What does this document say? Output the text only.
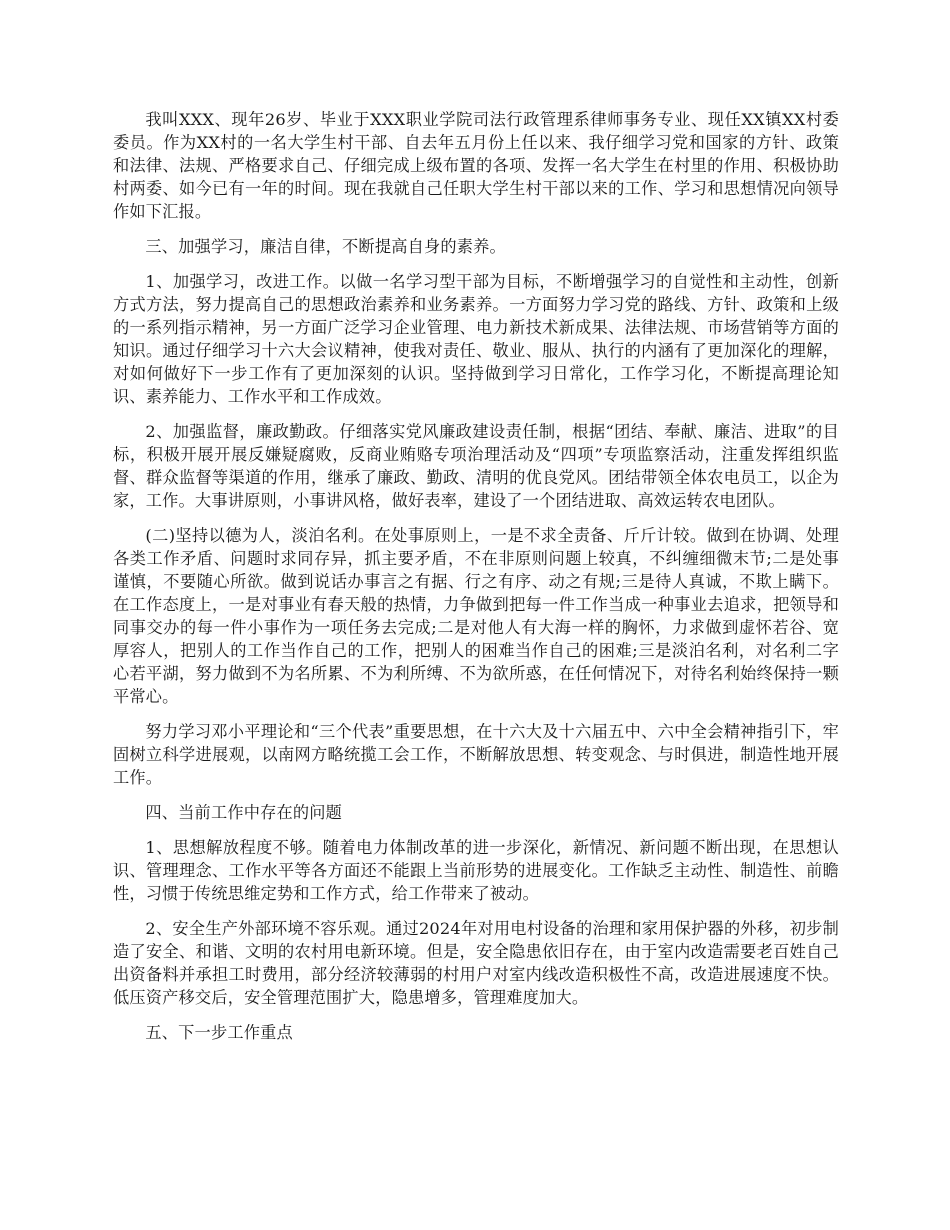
我叫XXX、现年26岁、毕业于XXX职业学院司法行政管理系律师事务专业、现任XX镇XX村委委员。作为XX村的一名大学生村干部、自去年五月份上任以来、我仔细学习党和国家的方针、政策和法律、法规、严格要求自己、仔细完成上级布置的各项、发挥一名大学生在村里的作用、积极协助村两委、如今已有一年的时间。现在我就自己任职大学生村干部以来的工作、学习和思想情况向领导作如下汇报。

三、加强学习，廉洁自律，不断提高自身的素养。

1、加强学习，改进工作。以做一名学习型干部为目标，不断增强学习的自觉性和主动性，创新方式方法，努力提高自己的思想政治素养和业务素养。一方面努力学习党的路线、方针、政策和上级的一系列指示精神，另一方面广泛学习企业管理、电力新技术新成果、法律法规、市场营销等方面的知识。通过仔细学习十六大会议精神，使我对责任、敬业、服从、执行的内涵有了更加深化的理解，对如何做好下一步工作有了更加深刻的认识。坚持做到学习日常化，工作学习化，不断提高理论知识、素养能力、工作水平和工作成效。

2、加强监督，廉政勤政。仔细落实党风廉政建设责任制，根据“团结、奉献、廉洁、进取”的目标，积极开展开展反嫌疑腐败，反商业贿赂专项治理活动及“四项”专项监察活动，注重发挥组织监督、群众监督等渠道的作用，继承了廉政、勤政、清明的优良党风。团结带领全体农电员工，以企为家，工作。大事讲原则，小事讲风格，做好表率，建设了一个团结进取、高效运转农电团队。

(二)坚持以德为人，淡泊名利。在处事原则上，一是不求全责备、斤斤计较。做到在协调、处理各类工作矛盾、问题时求同存异，抓主要矛盾，不在非原则问题上较真，不纠缠细微末节;二是处事谨慎，不要随心所欲。做到说话办事言之有据、行之有序、动之有规;三是待人真诚，不欺上瞒下。在工作态度上，一是对事业有春天般的热情，力争做到把每一件工作当成一种事业去追求，把领导和同事交办的每一件小事作为一项任务去完成;二是对他人有大海一样的胸怀，力求做到虚怀若谷、宽厚容人，把别人的工作当作自己的工作，把别人的困难当作自己的困难;三是淡泊名利，对名利二字心若平湖，努力做到不为名所累、不为利所缚、不为欲所惑，在任何情况下，对待名利始终保持一颗平常心。

努力学习邓小平理论和“三个代表”重要思想，在十六大及十六届五中、六中全会精神指引下，牢固树立科学进展观，以南网方略统揽工会工作，不断解放思想、转变观念、与时俱进，制造性地开展工作。

四、当前工作中存在的问题

1、思想解放程度不够。随着电力体制改革的进一步深化，新情况、新问题不断出现，在思想认识、管理理念、工作水平等各方面还不能跟上当前形势的进展变化。工作缺乏主动性、制造性、前瞻性，习惯于传统思维定势和工作方式，给工作带来了被动。

2、安全生产外部环境不容乐观。通过2024年对用电村设备的治理和家用保护器的外移，初步制造了安全、和谐、文明的农村用电新环境。但是，安全隐患依旧存在，由于室内改造需要老百姓自己出资备料并承担工时费用，部分经济较薄弱的村用户对室内线改造积极性不高，改造进展速度不快。低压资产移交后，安全管理范围扩大，隐患增多，管理难度加大。

五、下一步工作重点
